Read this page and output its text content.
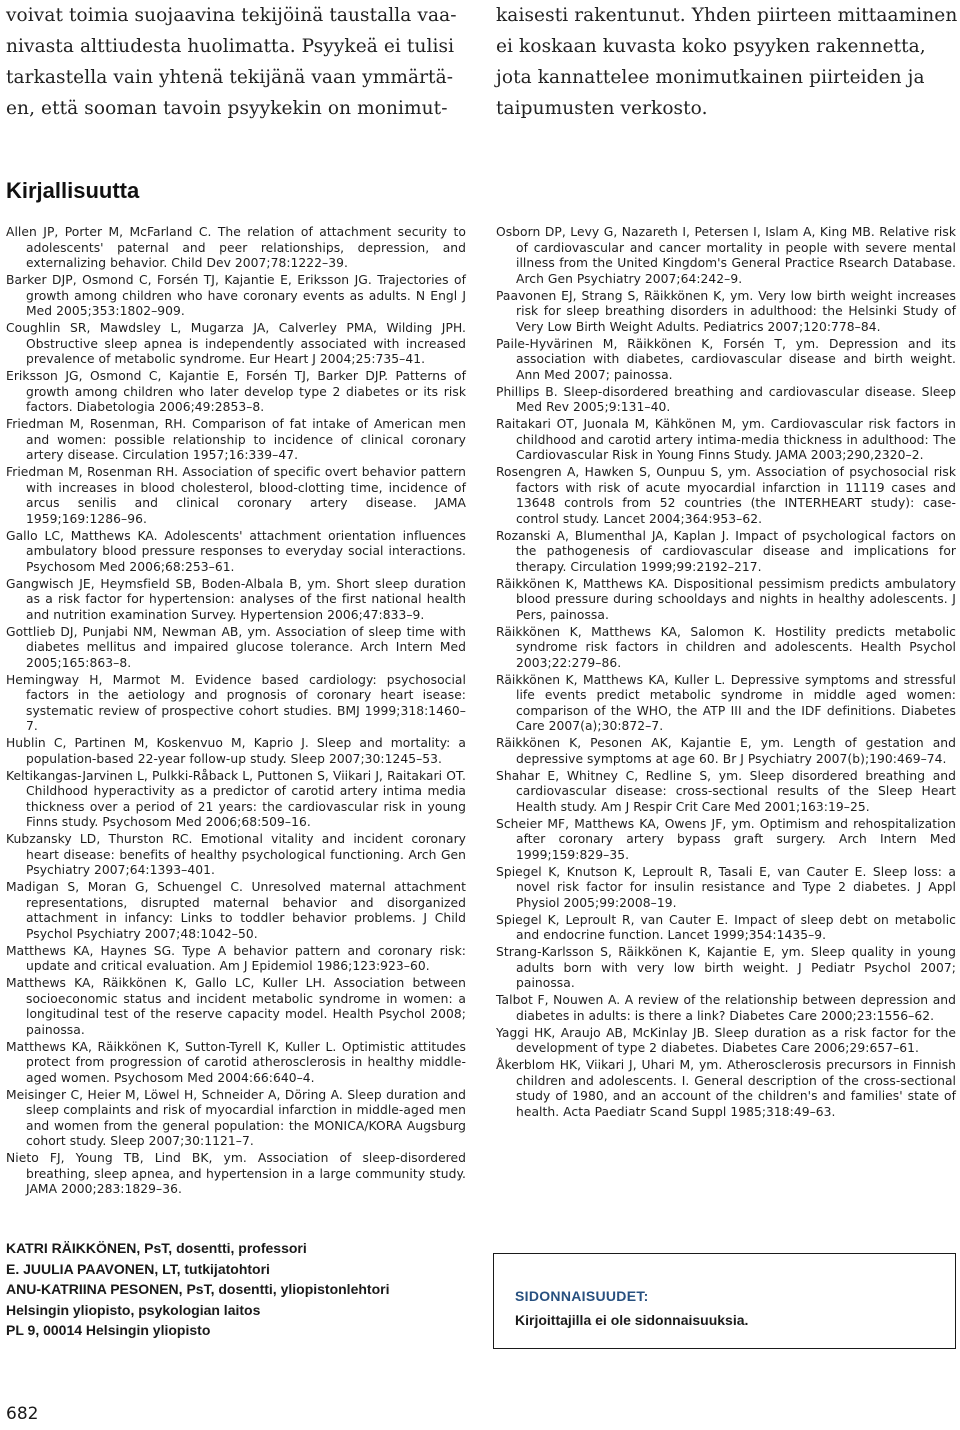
voivat toimia suojaavina tekijöinä taustalla vaa-
nivasta alttiudesta huolimatta. Psyykeä ei tulisi
tarkastella vain yhtenä tekijänä vaan ymmärtä-
en, että sooman tavoin psyykekin on monimut-
kaisesti rakentunut. Yhden piirteen mittaaminen
ei koskaan kuvasta koko psyyken rakennetta,
jota kannattelee monimutkainen piirteiden ja
taipumusten verkosto.
Kirjallisuutta

Allen JP, Porter M, McFarland C. The relation of attachment security to adolescents' paternal and peer relationships, depression, and externalizing behavior. Child Dev 2007;78:1222–39.

Barker DJP, Osmond C, Forsén TJ, Kajantie E, Eriksson JG. Trajectories of growth among children who have coronary events as adults. N Engl J Med 2005;353:1802–909.

Coughlin SR, Mawdsley L, Mugarza JA, Calverley PMA, Wilding JPH. Obstructive sleep apnea is independently associated with increased prevalence of metabolic syndrome. Eur Heart J 2004;25:735–41.

Eriksson JG, Osmond C, Kajantie E, Forsén TJ, Barker DJP. Patterns of growth among children who later develop type 2 diabetes or its risk factors. Diabetologia 2006;49:2853–8.

Friedman M, Rosenman, RH. Comparison of fat intake of American men and women: possible relationship to incidence of clinical coronary artery disease. Circulation 1957;16:339–47.

Friedman M, Rosenman RH. Association of specific overt behavior pattern with increases in blood cholesterol, blood-clotting time, incidence of arcus senilis and clinical coronary artery disease. JAMA 1959;169:1286–96.

Gallo LC, Matthews KA. Adolescents' attachment orientation influences ambulatory blood pressure responses to everyday social interactions. Psychosom Med 2006;68:253–61.

Gangwisch JE, Heymsfield SB, Boden-Albala B, ym. Short sleep duration as a risk factor for hypertension: analyses of the first national health and nutrition examination Survey. Hypertension 2006;47:833–9.

Gottlieb DJ, Punjabi NM, Newman AB, ym. Association of sleep time with diabetes mellitus and impaired glucose tolerance. Arch Intern Med 2005;165:863–8.

Hemingway H, Marmot M. Evidence based cardiology: psychosocial factors in the aetiology and prognosis of coronary heart isease: systematic review of prospective cohort studies. BMJ 1999;318:1460–7.

Hublin C, Partinen M, Koskenvuo M, Kaprio J. Sleep and mortality: a population-based 22-year follow-up study. Sleep 2007;30:1245–53.

Keltikangas-Jarvinen L, Pulkki-Råback L, Puttonen S, Viikari J, Raitakari OT. Childhood hyperactivity as a predictor of carotid artery intima media thickness over a period of 21 years: the cardiovascular risk in young Finns study. Psychosom Med 2006;68:509–16.

Kubzansky LD, Thurston RC. Emotional vitality and incident coronary heart disease: benefits of healthy psychological functioning. Arch Gen Psychiatry 2007;64:1393–401.

Madigan S, Moran G, Schuengel C. Unresolved maternal attachment representations, disrupted maternal behavior and disorganized attachment in infancy: Links to toddler behavior problems. J Child Psychol Psychiatry 2007;48:1042–50.

Matthews KA, Haynes SG. Type A behavior pattern and coronary risk: update and critical evaluation. Am J Epidemiol 1986;123:923–60.

Matthews KA, Räikkönen K, Gallo LC, Kuller LH. Association between socioeconomic status and incident metabolic syndrome in women: a longitudinal test of the reserve capacity model. Health Psychol 2008; painossa.

Matthews KA, Räikkönen K, Sutton-Tyrell K, Kuller L. Optimistic attitudes protect from progression of carotid atherosclerosis in healthy middle-aged women. Psychosom Med 2004:66:640–4.

Meisinger C, Heier M, Löwel H, Schneider A, Döring A. Sleep duration and sleep complaints and risk of myocardial infarction in middle-aged men and women from the general population: the MONICA/KORA Augsburg cohort study. Sleep 2007;30:1121–7.

Nieto FJ, Young TB, Lind BK, ym. Association of sleep-disordered breathing, sleep apnea, and hypertension in a large community study. JAMA 2000;283:1829–36.

Osborn DP, Levy G, Nazareth I, Petersen I, Islam A, King MB. Relative risk of cardiovascular and cancer mortality in people with severe mental illness from the United Kingdom's General Practice Rsearch Database. Arch Gen Psychiatry 2007;64:242–9.

Paavonen EJ, Strang S, Räikkönen K, ym. Very low birth weight increases risk for sleep breathing disorders in adulthood: the Helsinki Study of Very Low Birth Weight Adults. Pediatrics 2007;120:778–84.

Paile-Hyvärinen M, Räikkönen K, Forsén T, ym. Depression and its association with diabetes, cardiovascular disease and birth weight. Ann Med 2007; painossa.

Phillips B. Sleep-disordered breathing and cardiovascular disease. Sleep Med Rev 2005;9:131–40.

Raitakari OT, Juonala M, Kähkönen M, ym. Cardiovascular risk factors in childhood and carotid artery intima-media thickness in adulthood: The Cardiovascular Risk in Young Finns Study. JAMA 2003;290,2320–2.

Rosengren A, Hawken S, Ounpuu S, ym. Association of psychosocial risk factors with risk of acute myocardial infarction in 11119 cases and 13648 controls from 52 countries (the INTERHEART study): case-control study. Lancet 2004;364:953–62.

Rozanski A, Blumenthal JA, Kaplan J. Impact of psychological factors on the pathogenesis of cardiovascular disease and implications for therapy. Circulation 1999;99:2192–217.

Räikkönen K, Matthews KA. Dispositional pessimism predicts ambulatory blood pressure during schooldays and nights in healthy adolescents. J Pers, painossa.

Räikkönen K, Matthews KA, Salomon K. Hostility predicts metabolic syndrome risk factors in children and adolescents. Health Psychol 2003;22:279–86.

Räikkönen K, Matthews KA, Kuller L. Depressive symptoms and stressful life events predict metabolic syndrome in middle aged women: comparison of the WHO, the ATP III and the IDF definitions. Diabetes Care 2007(a);30:872–7.

Räikkönen K, Pesonen AK, Kajantie E, ym. Length of gestation and depressive symptoms at age 60. Br J Psychiatry 2007(b);190:469–74.

Shahar E, Whitney C, Redline S, ym. Sleep disordered breathing and cardiovascular disease: cross-sectional results of the Sleep Heart Health study. Am J Respir Crit Care Med 2001;163:19–25.

Scheier MF, Matthews KA, Owens JF, ym. Optimism and rehospitalization after coronary artery bypass graft surgery. Arch Intern Med 1999;159:829–35.

Spiegel K, Knutson K, Leproult R, Tasali E, van Cauter E. Sleep loss: a novel risk factor for insulin resistance and Type 2 diabetes. J Appl Physiol 2005;99:2008–19.

Spiegel K, Leproult R, van Cauter E. Impact of sleep debt on metabolic and endocrine function. Lancet 1999;354:1435–9.

Strang-Karlsson S, Räikkönen K, Kajantie E, ym. Sleep quality in young adults born with very low birth weight. J Pediatr Psychol 2007; painossa.

Talbot F, Nouwen A. A review of the relationship between depression and diabetes in adults: is there a link? Diabetes Care 2000;23:1556–62.

Yaggi HK, Araujo AB, McKinlay JB. Sleep duration as a risk factor for the development of type 2 diabetes. Diabetes Care 2006;29:657–61.

Åkerblom HK, Viikari J, Uhari M, ym. Atherosclerosis precursors in Finnish children and adolescents. I. General description of the cross-sectional study of 1980, and an account of the children's and families' state of health. Acta Paediatr Scand Suppl 1985;318:49–63.

KATRI RÄIKKÖNEN, PsT, dosentti, professori
E. JUULIA PAAVONEN, LT, tutkijatohtori
ANU-KATRIINA PESONEN, PsT, dosentti, yliopistonlehtori
Helsingin yliopisto, psykologian laitos
PL 9, 00014 Helsingin yliopisto
SIDONNAISUUDET:
Kirjoittajilla ei ole sidonnaisuuksia.
682
